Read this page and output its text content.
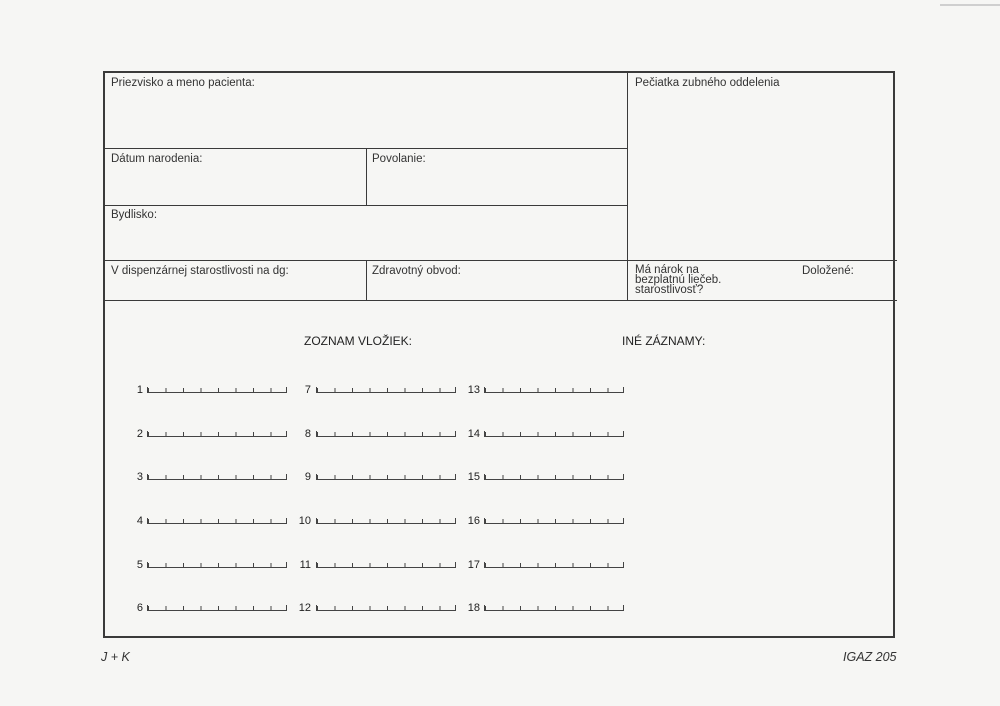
Priezvisko a meno pacienta:	Pečiatka zubného oddelenia
Dátum narodenia:	Povolanie:
Bydlisko:
V dispenzárnej starostlivosti na dg:	Zdravotný obvod:	Má nárok na bezplatnú liečeb. starostlivosť?
Doložené:
ZOZNAM VLOŽIEK:	INÉ ZÁZNAMY:
1
2
3
4
5
6
7
8
9
10
11
12
13
14
15
16
17
18
J + K	IGAZ 205
